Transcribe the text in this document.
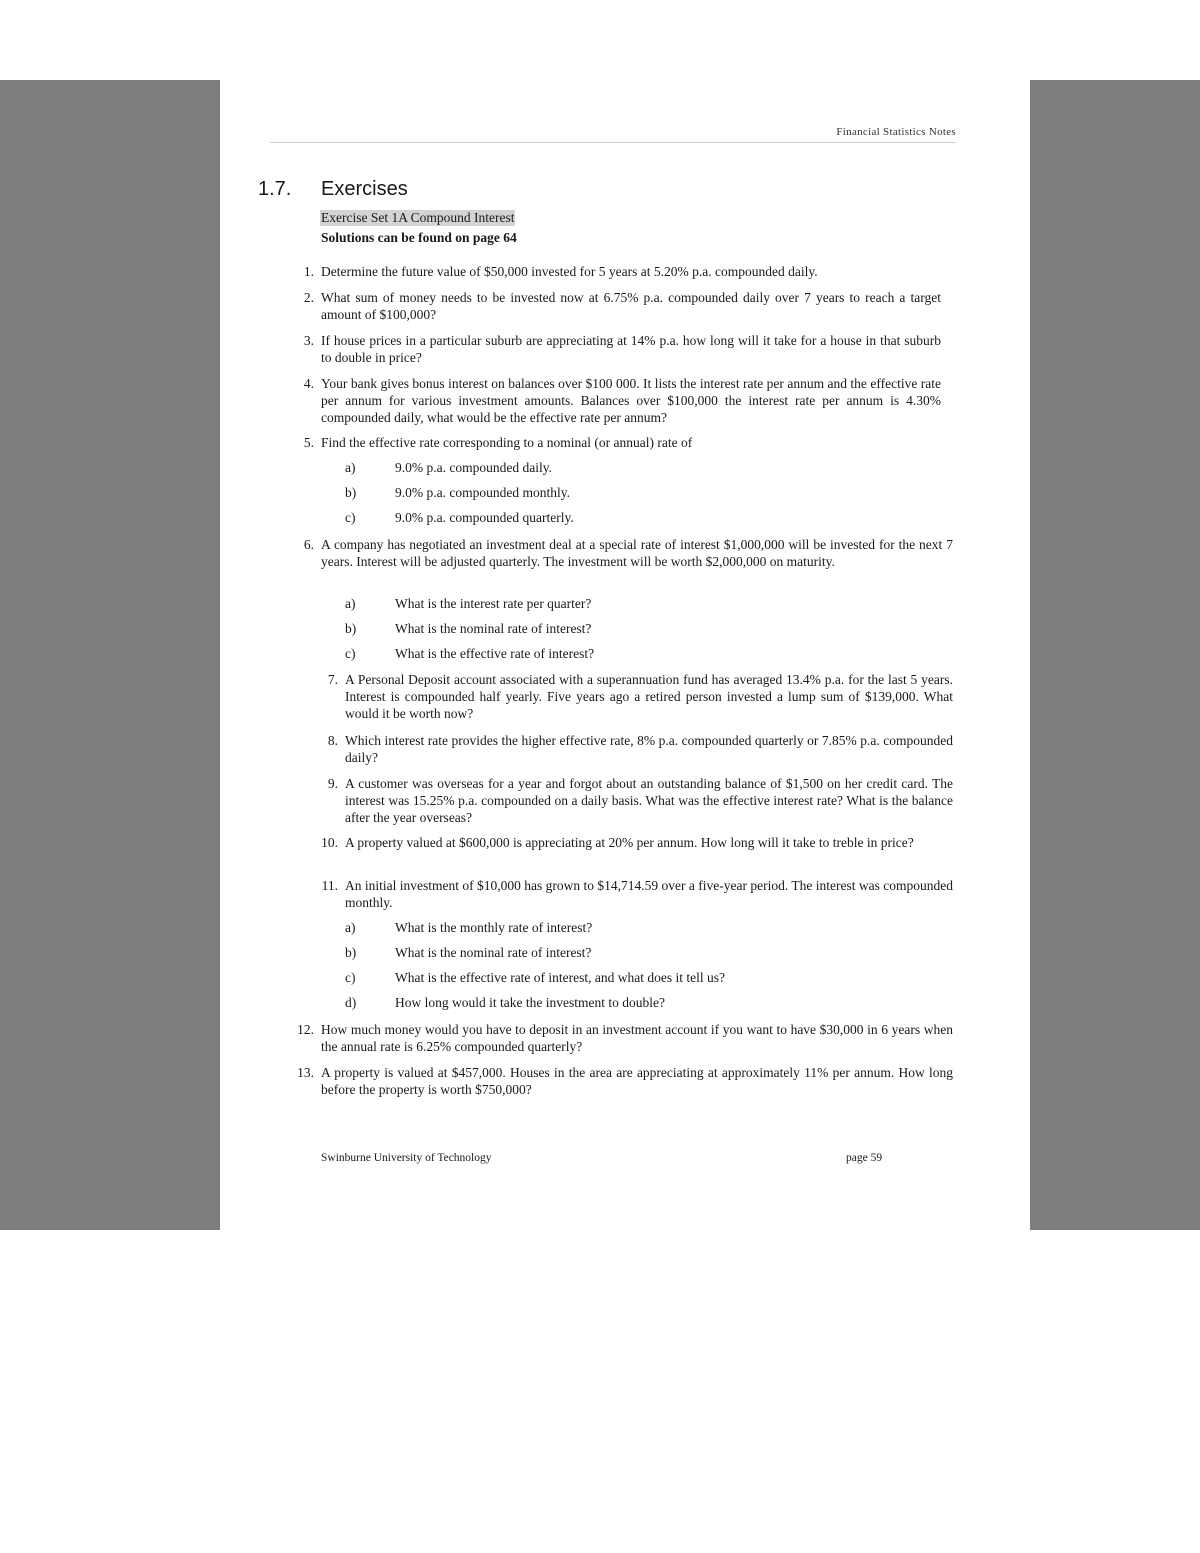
Financial Statistics Notes
1.7. Exercises
Exercise Set 1A Compound Interest
Solutions can be found on page 64
1. Determine the future value of $50,000 invested for 5 years at 5.20% p.a. compounded daily.
2. What sum of money needs to be invested now at 6.75% p.a. compounded daily over 7 years to reach a target amount of $100,000?
3. If house prices in a particular suburb are appreciating at 14% p.a. how long will it take for a house in that suburb to double in price?
4. Your bank gives bonus interest on balances over $100 000. It lists the interest rate per annum and the effective rate per annum for various investment amounts. Balances over $100,000 the interest rate per annum is 4.30% compounded daily, what would be the effective rate per annum?
5. Find the effective rate corresponding to a nominal (or annual) rate of
a)	9.0% p.a. compounded daily.
b)	9.0% p.a. compounded monthly.
c)	9.0% p.a. compounded quarterly.
6. A company has negotiated an investment deal at a special rate of interest $1,000,000 will be invested for the next 7 years. Interest will be adjusted quarterly. The investment will be worth $2,000,000 on maturity.
a)	What is the interest rate per quarter?
b)	What is the nominal rate of interest?
c)	What is the effective rate of interest?
7. A Personal Deposit account associated with a superannuation fund has averaged 13.4% p.a. for the last 5 years. Interest is compounded half yearly. Five years ago a retired person invested a lump sum of $139,000. What would it be worth now?
8. Which interest rate provides the higher effective rate, 8% p.a. compounded quarterly or 7.85% p.a. compounded daily?
9. A customer was overseas for a year and forgot about an outstanding balance of $1,500 on her credit card. The interest was 15.25% p.a. compounded on a daily basis. What was the effective interest rate? What is the balance after the year overseas?
10. A property valued at $600,000 is appreciating at 20% per annum. How long will it take to treble in price?
11. An initial investment of $10,000 has grown to $14,714.59 over a five-year period. The interest was compounded monthly.
a)	What is the monthly rate of interest?
b)	What is the nominal rate of interest?
c)	What is the effective rate of interest, and what does it tell us?
d)	How long would it take the investment to double?
12. How much money would you have to deposit in an investment account if you want to have $30,000 in 6 years when the annual rate is 6.25% compounded quarterly?
13. A property is valued at $457,000. Houses in the area are appreciating at approximately 11% per annum. How long before the property is worth $750,000?
Swinburne University of Technology	page 59
